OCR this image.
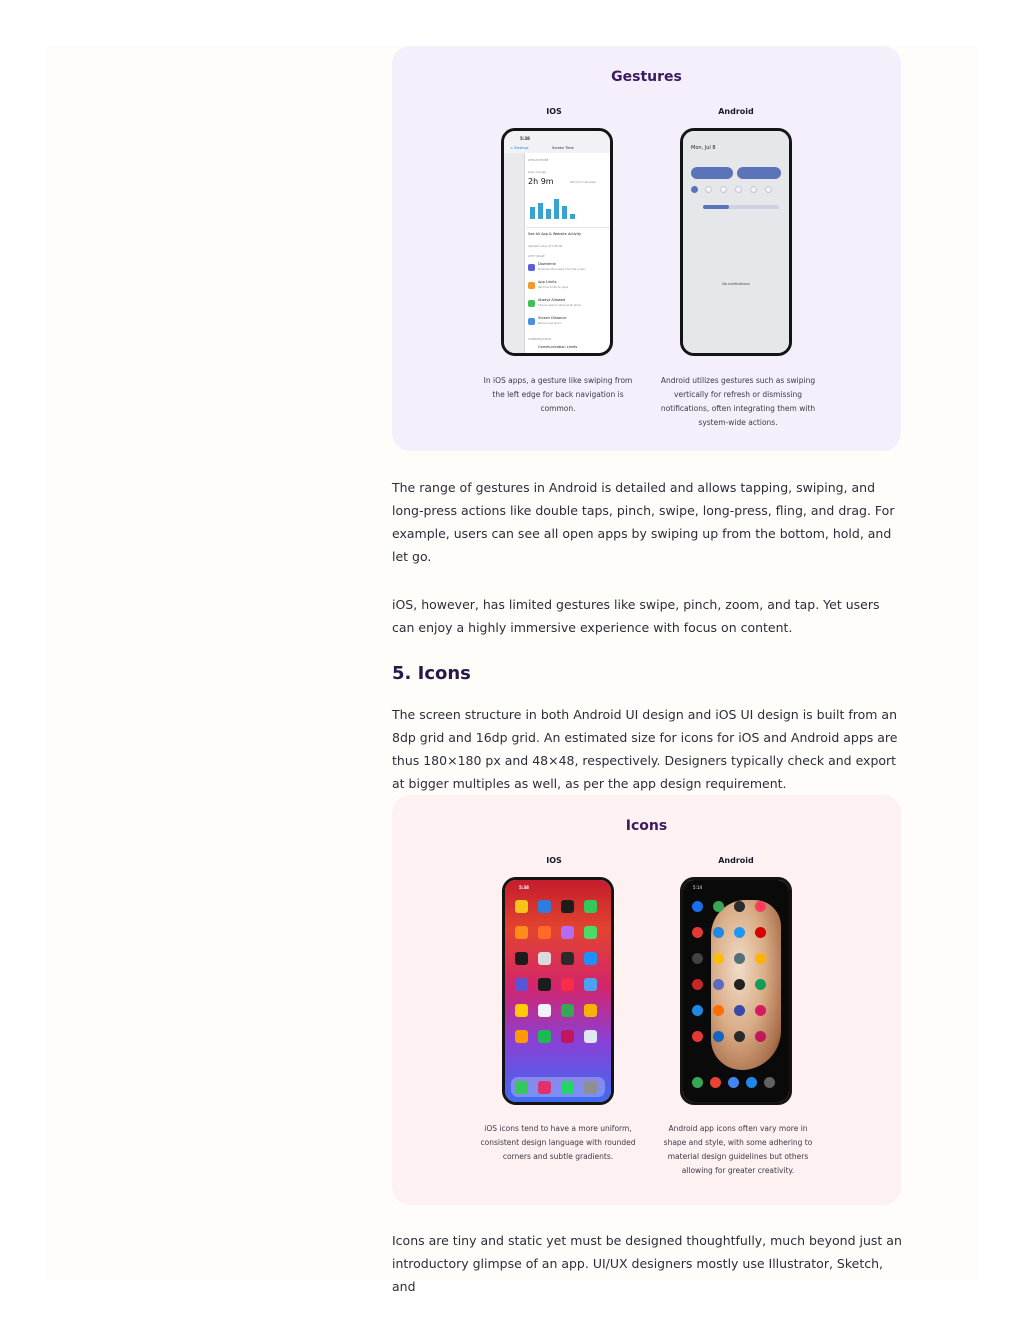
Gestures
IOS	Android
5:38
< Settings	Screen Time
WHOLE IPHONE
Daily Average
2h 9m	50% from last week
See All App & Website Activity
Updated today at 5:38 PM
LIMIT USAGE
Downtime
Schedule time away from the screen
App Limits
Set time limits for apps
Always Allowed
Choose apps to allow at all times
Screen Distance
Reduce eye strain
COMMUNICATION
Communication Limits
Mon, Jul 8
No notifications
In iOS apps, a gesture like swiping from the left edge for back navigation is common.
Android utilizes gestures such as swiping vertically for refresh or dismissing notifications, often integrating them with system-wide actions.

The range of gestures in Android is detailed and allows tapping, swiping, and long-press actions like double taps, pinch, swipe, long-press, fling, and drag. For example, users can see all open apps by swiping up from the bottom, hold, and let go.

iOS, however, has limited gestures like swipe, pinch, zoom, and tap. Yet users can enjoy a highly immersive experience with focus on content.

5. Icons

The screen structure in both Android UI design and iOS UI design is built from an 8dp grid and 16dp grid. An estimated size for icons for iOS and Android apps are thus 180×180 px and 48×48, respectively. Designers typically check and export at bigger multiples as well, as per the app design requirement.

Icons
IOS	Android
5:38	5:14
iOS icons tend to have a more uniform, consistent design language with rounded corners and subtle gradients.
Android app icons often vary more in shape and style, with some adhering to material design guidelines but others allowing for greater creativity.

Icons are tiny and static yet must be designed thoughtfully, much beyond just an introductory glimpse of an app. UI/UX designers mostly use Illustrator, Sketch, and
